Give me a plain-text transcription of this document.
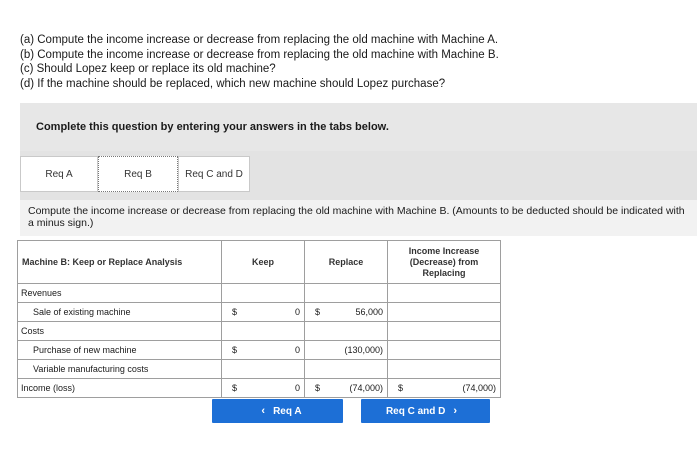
(a) Compute the income increase or decrease from replacing the old machine with Machine A.
(b) Compute the income increase or decrease from replacing the old machine with Machine B.
(c) Should Lopez keep or replace its old machine?
(d) If the machine should be replaced, which new machine should Lopez purchase?
Complete this question by entering your answers in the tabs below.
Req A	Req B	Req C and D
Compute the income increase or decrease from replacing the old machine with Machine B. (Amounts to be deducted should be indicated with a minus sign.)
Machine B: Keep or Replace Analysis	Keep	Replace	Income Increase (Decrease) from Replacing
Revenues			
Sale of existing machine	$ 0	$ 56,000	

Costs			
Purchase of new machine	$ 0	(130,000)	

Variable manufacturing costs			
Income (loss)	$ 0	$ (74,000)	$ (74,000)
‹ Req A	Req C and D ›
